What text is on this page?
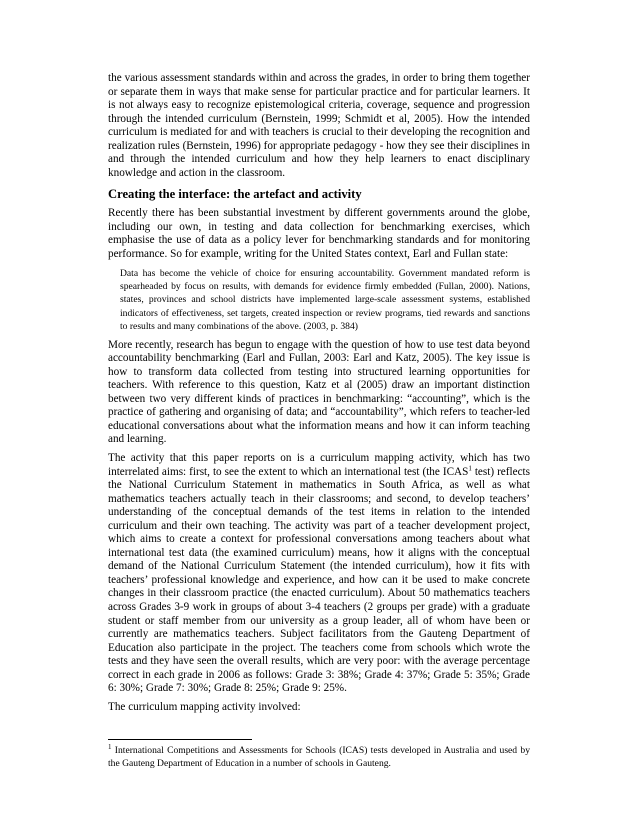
the various assessment standards within and across the grades, in order to bring them together or separate them in ways that make sense for particular practice and for particular learners. It is not always easy to recognize epistemological criteria, coverage, sequence and progression through the intended curriculum (Bernstein, 1999; Schmidt et al, 2005). How the intended curriculum is mediated for and with teachers is crucial to their developing the recognition and realization rules (Bernstein, 1996) for appropriate pedagogy - how they see their disciplines in and through the intended curriculum and how they help learners to enact disciplinary knowledge and action in the classroom.

Creating the interface: the artefact and activity

Recently there has been substantial investment by different governments around the globe, including our own, in testing and data collection for benchmarking exercises, which emphasise the use of data as a policy lever for benchmarking standards and for monitoring performance. So for example, writing for the United States context, Earl and Fullan state:

Data has become the vehicle of choice for ensuring accountability. Government mandated reform is spearheaded by focus on results, with demands for evidence firmly embedded (Fullan, 2000). Nations, states, provinces and school districts have implemented large-scale assessment systems, established indicators of effectiveness, set targets, created inspection or review programs, tied rewards and sanctions to results and many combinations of the above. (2003, p. 384)

More recently, research has begun to engage with the question of how to use test data beyond accountability benchmarking (Earl and Fullan, 2003: Earl and Katz, 2005). The key issue is how to transform data collected from testing into structured learning opportunities for teachers. With reference to this question, Katz et al (2005) draw an important distinction between two very different kinds of practices in benchmarking: “accounting”, which is the practice of gathering and organising of data; and “accountability”, which refers to teacher-led educational conversations about what the information means and how it can inform teaching and learning.

The activity that this paper reports on is a curriculum mapping activity, which has two interrelated aims: first, to see the extent to which an international test (the ICAS$^1$ test) reflects the National Curriculum Statement in mathematics in South Africa, as well as what mathematics teachers actually teach in their classrooms; and second, to develop teachers’ understanding of the conceptual demands of the test items in relation to the intended curriculum and their own teaching. The activity was part of a teacher development project, which aims to create a context for professional conversations among teachers about what international test data (the examined curriculum) means, how it aligns with the conceptual demand of the National Curriculum Statement (the intended curriculum), how it fits with teachers’ professional knowledge and experience, and how can it be used to make concrete changes in their classroom practice (the enacted curriculum). About 50 mathematics teachers across Grades 3-9 work in groups of about 3-4 teachers (2 groups per grade) with a graduate student or staff member from our university as a group leader, all of whom have been or currently are mathematics teachers. Subject facilitators from the Gauteng Department of Education also participate in the project. The teachers come from schools which wrote the tests and they have seen the overall results, which are very poor: with the average percentage correct in each grade in 2006 as follows: Grade 3: 38%; Grade 4: 37%; Grade 5: 35%; Grade 6: 30%; Grade 7: 30%; Grade 8: 25%; Grade 9: 25%.

The curriculum mapping activity involved:

$^1$ International Competitions and Assessments for Schools (ICAS) tests developed in Australia and used by the Gauteng Department of Education in a number of schools in Gauteng.
